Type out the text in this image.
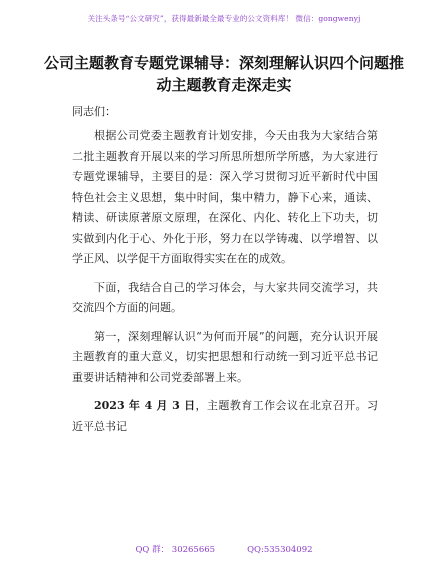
关注头条号“公文研究”，获得最新最全最专业的公文资料库！ 微信：gongwenyj
公司主题教育专题党课辅导：深刻理解认识四个问题推动主题教育走深走实
同志们：

根据公司党委主题教育计划安排，今天由我为大家结合第二批主题教育开展以来的学习所思所想所学所感，为大家进行专题党课辅导，主要目的是：深入学习贯彻习近平新时代中国特色社会主义思想，集中时间，集中精力，静下心来，通读、精读、研读原著原文原理，在深化、内化、转化上下功夫，切实做到内化于心、外化于形，努力在以学铸魂、以学增智、以学正风、以学促干方面取得实实在在的成效。

下面，我结合自己的学习体会，与大家共同交流学习，共交流四个方面的问题。

第一，深刻理解认识“为何而开展”的问题，充分认识开展主题教育的重大意义，切实把思想和行动统一到习近平总书记重要讲话精神和公司党委部署上来。

2023 年 4 月 3 日，主题教育工作会议在北京召开。习近平总书记

QQ 群： 30265665	QQ:535304092
